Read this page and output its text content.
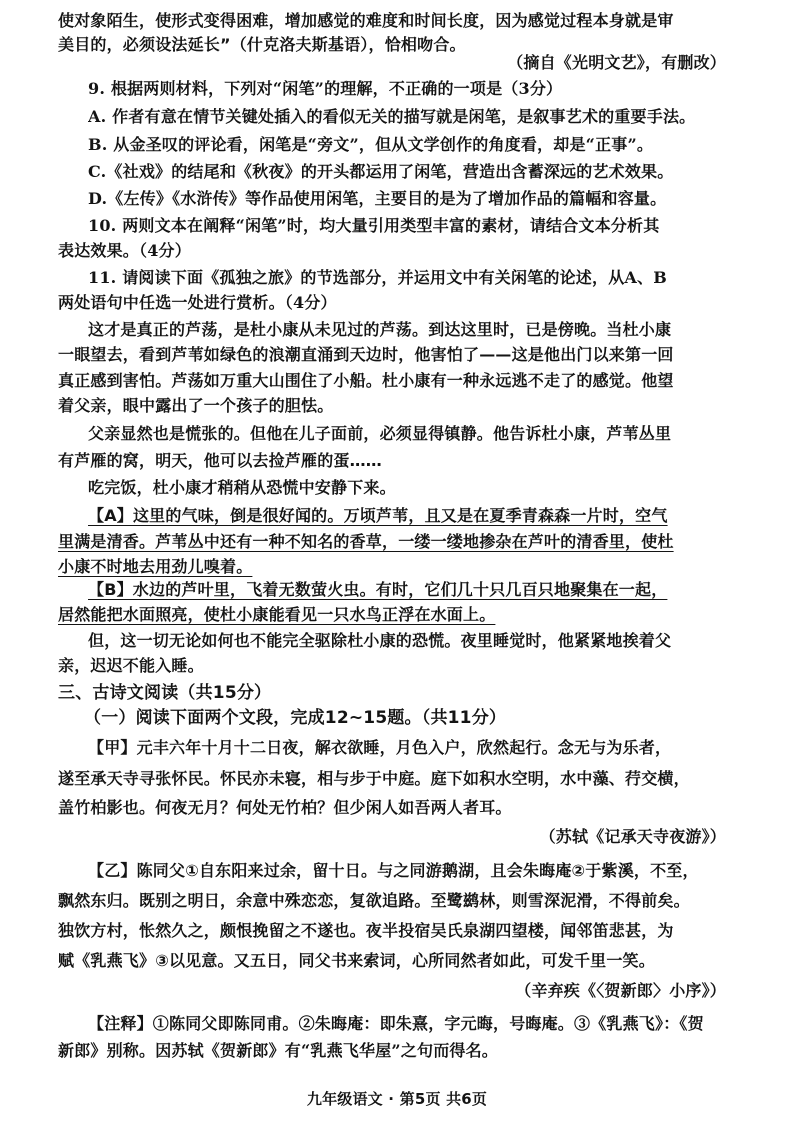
使对象陌生，使形式变得困难，增加感觉的难度和时间长度，因为感觉过程本身就是审
美目的，必须设法延长”（什克洛夫斯基语），恰相吻合。
（摘自《光明文艺》，有删改）
9. 根据两则材料，下列对“闲笔”的理解，不正确的一项是（3分）
A. 作者有意在情节关键处插入的看似无关的描写就是闲笔，是叙事艺术的重要手法。
B. 从金圣叹的评论看，闲笔是“旁文”，但从文学创作的角度看，却是“正事”。
C.《社戏》的结尾和《秋夜》的开头都运用了闲笔，营造出含蓄深远的艺术效果。
D.《左传》《水浒传》等作品使用闲笔，主要目的是为了增加作品的篇幅和容量。
10. 两则文本在阐释“闲笔”时，均大量引用类型丰富的素材，请结合文本分析其
表达效果。（4分）
11. 请阅读下面《孤独之旅》的节选部分，并运用文中有关闲笔的论述，从A、B
两处语句中任选一处进行赏析。（4分）
这才是真正的芦荡，是杜小康从未见过的芦荡。到达这里时，已是傍晚。当杜小康
一眼望去，看到芦苇如绿色的浪潮直涌到天边时，他害怕了——这是他出门以来第一回
真正感到害怕。芦荡如万重大山围住了小船。杜小康有一种永远逃不走了的感觉。他望
着父亲，眼中露出了一个孩子的胆怯。
父亲显然也是慌张的。但他在儿子面前，必须显得镇静。他告诉杜小康，芦苇丛里
有芦雁的窝，明天，他可以去捡芦雁的蛋……
吃完饭，杜小康才稍稍从恐慌中安静下来。
【A】这里的气味，倒是很好闻的。万顷芦苇，且又是在夏季青森森一片时，空气
里满是清香。芦苇丛中还有一种不知名的香草，一缕一缕地掺杂在芦叶的清香里，使杜
小康不时地去用劲儿嗅着。
【B】水边的芦叶里，飞着无数萤火虫。有时，它们几十只几百只地聚集在一起，
居然能把水面照亮，使杜小康能看见一只水鸟正浮在水面上。
但，这一切无论如何也不能完全驱除杜小康的恐慌。夜里睡觉时，他紧紧地挨着父
亲，迟迟不能入睡。
三、古诗文阅读（共15分）
（一）阅读下面两个文段，完成12~15题。（共11分）
【甲】元丰六年十月十二日夜，解衣欲睡，月色入户，欣然起行。念无与为乐者，
遂至承天寺寻张怀民。怀民亦未寝，相与步于中庭。庭下如积水空明，水中藻、荇交横，
盖竹柏影也。何夜无月？何处无竹柏？但少闲人如吾两人者耳。
（苏轼《记承天寺夜游》）
【乙】陈同父①自东阳来过余，留十日。与之同游鹅湖，且会朱晦庵②于紫溪，不至，
飘然东归。既别之明日，余意中殊恋恋，复欲追路。至鹭鹚林，则雪深泥滑，不得前矣。
独饮方村，怅然久之，颇恨挽留之不遂也。夜半投宿吴氏泉湖四望楼，闻邻笛悲甚，为
赋《乳燕飞》③以见意。又五日，同父书来索词，心所同然者如此，可发千里一笑。
（辛弃疾《〈贺新郎〉小序》）
【注释】①陈同父即陈同甫。②朱晦庵：即朱熹，字元晦，号晦庵。③《乳燕飞》：《贺
新郎》别称。因苏轼《贺新郎》有“乳燕飞华屋”之句而得名。
九年级语文 · 第5页 共6页
